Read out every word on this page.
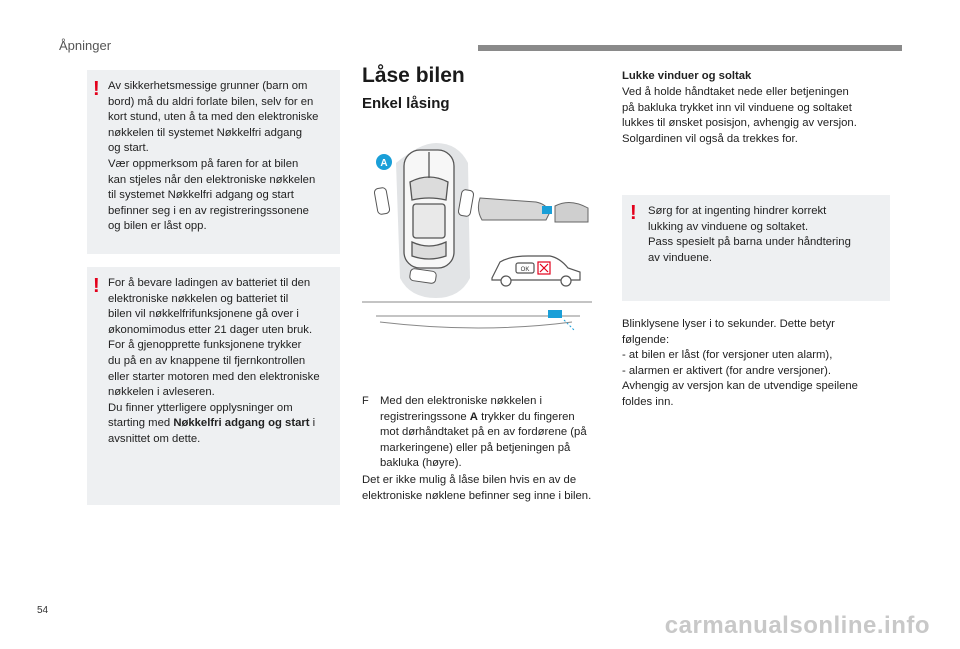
Åpninger
! Av sikkerhetsmessige grunner (barn om
bord) må du aldri forlate bilen, selv for en
kort stund, uten å ta med den elektroniske
nøkkelen til systemet Nøkkelfri adgang
og start.
Vær oppmerksom på faren for at bilen
kan stjeles når den elektroniske nøkkelen
til systemet Nøkkelfri adgang og start
befinner seg i en av registreringssonene
og bilen er låst opp.
! For å bevare ladingen av batteriet til den
elektroniske nøkkelen og batteriet til
bilen vil nøkkelfrifunksjonene gå over i
økonomimodus etter 21 dager uten bruk.
For å gjenopprette funksjonene trykker
du på en av knappene til fjernkontrollen
eller starter motoren med den elektroniske
nøkkelen i avleseren.
Du finner ytterligere opplysninger om
starting med Nøkkelfri adgang og start i
avsnittet om dette.
Låse bilen
Enkel låsing
A
OK

F Med den elektroniske nøkkelen i
registreringssone A trykker du fingeren
mot dørhåndtaket på en av fordørene (på
markeringene) eller på betjeningen på
bakluka (høyre).

Det er ikke mulig å låse bilen hvis en av de
elektroniske nøklene befinner seg inne i bilen.
Lukke vinduer og soltak
Ved å holde håndtaket nede eller betjeningen
på bakluka trykket inn vil vinduene og soltaket
lukkes til ønsket posisjon, avhengig av versjon.
Solgardinen vil også da trekkes for.
! Sørg for at ingenting hindrer korrekt
lukking av vinduene og soltaket.
Pass spesielt på barna under håndtering
av vinduene.
Blinklysene lyser i to sekunder. Dette betyr
følgende:
- at bilen er låst (for versjoner uten alarm),
- alarmen er aktivert (for andre versjoner).
Avhengig av versjon kan de utvendige speilene
foldes inn.
54
carmanualsonline.info
